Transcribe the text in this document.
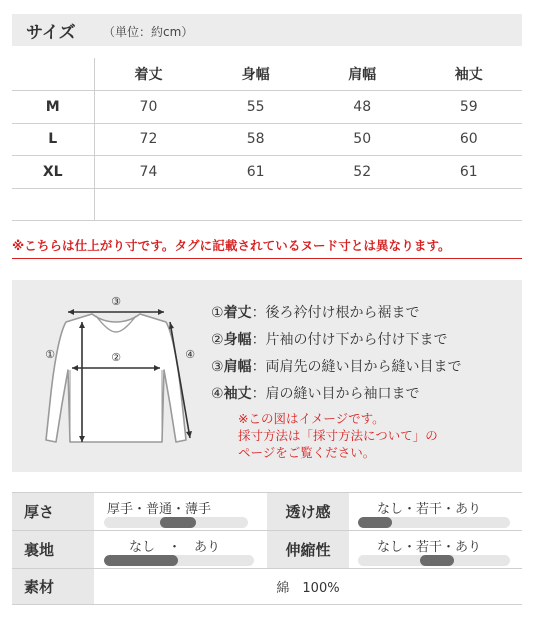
サイズ （単位：約cm）
	着丈	身幅	肩幅	袖丈
M	70	55	48	59
L	72	58	50	60
XL	74	61	52	61

※こちらは仕上がり寸です。タグに記載されているヌード寸とは異なります。
③
②
①	④
①着丈：後ろ衿付け根から裾まで
②身幅：片袖の付け下から付け下まで
③肩幅：両肩先の縫い目から縫い目まで
④袖丈：肩の縫い目から袖口まで
※この図はイメージです。
採寸方法は「採寸方法について」の
ページをご覧ください。
厚さ	厚手・普通・薄手	透け感	なし・若干・あり
裏地	なし　・　あり	伸縮性	なし・若干・あり
素材	綿　100%
